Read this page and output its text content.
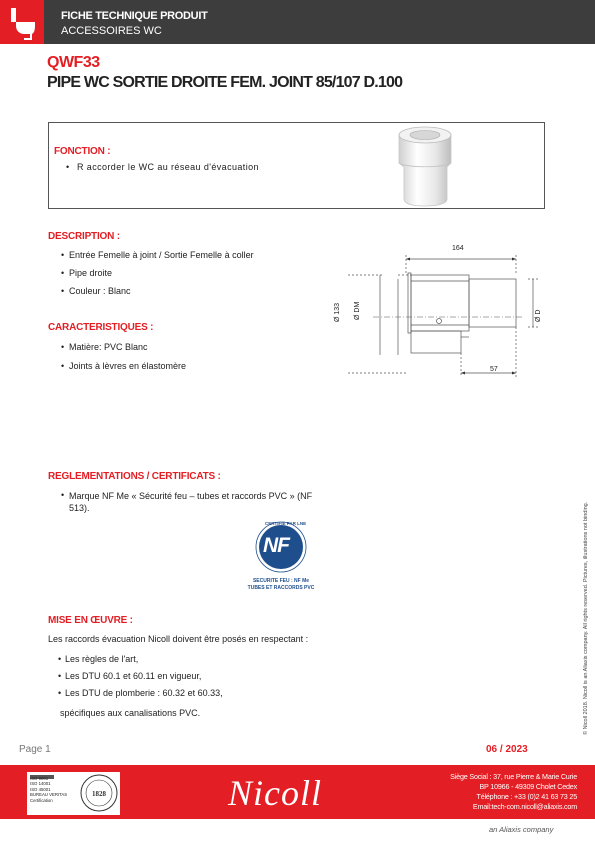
FICHE TECHNIQUE PRODUIT
ACCESSOIRES WC
QWF33
PIPE WC SORTIE DROITE FEM. JOINT 85/107 D.100
FONCTION :
• R accorder le WC au réseau d'évacuation
DESCRIPTION :
• Entrée Femelle à joint / Sortie Femelle à coller
• Pipe droite
• Couleur : Blanc
CARACTERISTIQUES :
• Matière: PVC Blanc
• Joints à lèvres en élastomère
164
Ø 133 Ø DM	Ø D
57
REGLEMENTATIONS / CERTIFICATS :
• Marque NF Me « Sécurité feu – tubes et raccords PVC » (NF 513).
CERTIFIÉ PAR LNE
NF
SECURITE FEU : NF Me
TUBES ET RACCORDS PVC
MISE EN ŒUVRE :
Les raccords évacuation Nicoll doivent être posés en respectant :
• Les règles de l'art,
• Les DTU 60.1 et 60.11 en vigueur,
• Les DTU de plomberie : 60.32 et 60.33,
spécifiques aux canalisations PVC.	© Nicoll 2018. Nicoll is an Aliaxis company. All rights reserved. Pictures, illustrations not binding.
Page 1	06 / 2023
1828
ISO 9001
ISO 14001
ISO 45001
BUREAU VERITAS
Certification	Nicoll	Siège Social : 37, rue Pierre & Marie Curie
BP 10966 - 49309 Cholet Cedex
Téléphone : +33 (0)2 41 63 73 25
Email:tech-com.nicoll@aliaxis.com
an Aliaxis company
